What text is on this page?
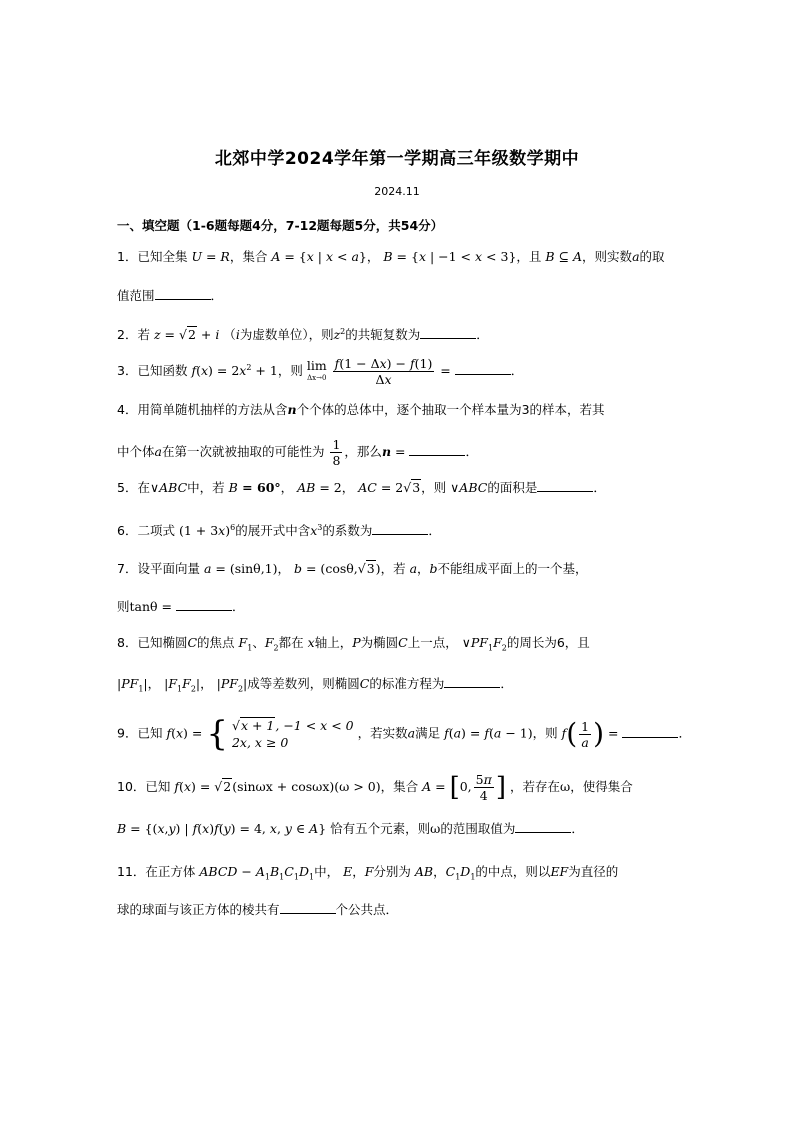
北郊中学2024学年第一学期高三年级数学期中
2024.11
一、填空题（1-6题每题4分，7-12题每题5分，共54分）
1．已知全集 U = R，集合 A = {x | x < a}， B = {x | −1 < x < 3}，且 B ⊆ A，则实数a的取
值范围	．
2．若 z = √2 + i （i为虚数单位），则$z^2$的共轭复数为	．
3．已知函数 $f(x) = 2x^2 + 1$，则 lim
Δx→0
$\frac{f(1 - \Delta x) - f(1)}{\Delta x}$ =	．
4．用简单随机抽样的方法从含n个个体的总体中，逐个抽取一个样本量为3的样本，若其
中个体a在第一次就被抽取的可能性为 $\frac{1}{8}$ ，那么n =	．
5．在∨ABC中，若 B = 60°， AB = 2， AC = 2√3，则 ∨ABC的面积是	．
6．二项式 $(1 + 3x)^6$的展开式中含$x^3$的系数为	．
7．设平面向量 a = (sinθ,1)， b = (cosθ,√3)，若 a，b不能组成平面上的一个基，
则tanθ =	．
8．已知椭圆C的焦点 $F_1$、$F_2$都在 x轴上，P为椭圆C上一点， $\vee PF_1F_2$的周长为6，且
$|PF_1|$， $|F_1F_2|$， $|PF_2|$成等差数列，则椭圆C的标准方程为	．
9．已知 f(x) = { √x + 1, −1 < x < 0
2x, x ≥ 0
，若实数a满足 f(a) = f(a − 1)，则 $f( \frac{1}{a}$ ) =	．
10．已知 f(x) = √2(sinωx + cosωx)(ω > 0)，集合 A = [0, $\frac{5\pi}{4}$ ] ，若存在ω，使得集合
B = {(x,y) | f(x)f(y) = 4, x, y ∈ A} 恰有五个元素，则ω的范围取值为	．
11．在正方体 ABCD − $A_1B_1C_1D_1$中， E，F分别为 AB，$C_1D_1$的中点，则以EF为直径的
球的球面与该正方体的棱共有	个公共点．
